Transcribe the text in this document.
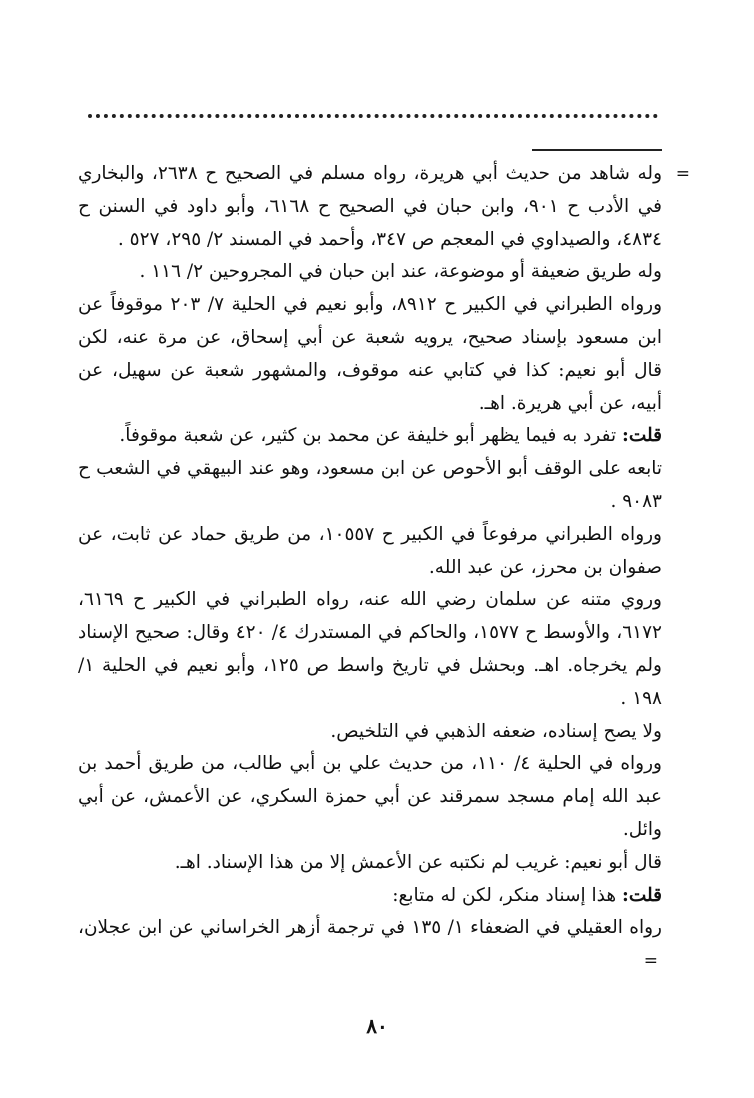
=
وله شاهد من حديث أبي هريرة، رواه مسلم في الصحيح ح ٢٦٣٨، والبخاري في الأدب ح ٩٠١، وابن حبان في الصحيح ح ٦١٦٨، وأبو داود في السنن ح ٤٨٣٤، والصيداوي في المعجم ص ٣٤٧، وأحمد في المسند ٢/ ٢٩٥، ٥٢٧ .

وله طريق ضعيفة أو موضوعة، عند ابن حبان في المجروحين ٢/ ١١٦ .

ورواه الطبراني في الكبير ح ٨٩١٢، وأبو نعيم في الحلية ٧/ ٢٠٣ موقوفاً عن ابن مسعود بإسناد صحيح، يرويه شعبة عن أبي إسحاق، عن مرة عنه، لكن قال أبو نعيم: كذا في كتابي عنه موقوف، والمشهور شعبة عن سهيل، عن أبيه، عن أبي هريرة. اهـ.

قلت: تفرد به فيما يظهر أبو خليفة عن محمد بن كثير، عن شعبة موقوفاً.

تابعه على الوقف أبو الأحوص عن ابن مسعود، وهو عند البيهقي في الشعب ح ٩٠٨٣ .

ورواه الطبراني مرفوعاً في الكبير ح ١٠٥٥٧، من طريق حماد عن ثابت، عن صفوان بن محرز، عن عبد الله.

وروي متنه عن سلمان رضي الله عنه، رواه الطبراني في الكبير ح ٦١٦٩، ٦١٧٢، والأوسط ح ١٥٧٧، والحاكم في المستدرك ٤/ ٤٢٠ وقال: صحيح الإسناد ولم يخرجاه. اهـ. وبحشل في تاريخ واسط ص ١٢٥، وأبو نعيم في الحلية ١/ ١٩٨ .

ولا يصح إسناده، ضعفه الذهبي في التلخيص.

ورواه في الحلية ٤/ ١١٠، من حديث علي بن أبي طالب، من طريق أحمد بن عبد الله إمام مسجد سمرقند عن أبي حمزة السكري، عن الأعمش، عن أبي وائل.

قال أبو نعيم: غريب لم نكتبه عن الأعمش إلا من هذا الإسناد. اهـ.

قلت: هذا إسناد منكر، لكن له متابع:

رواه العقيلي في الضعفاء ١/ ١٣٥ في ترجمة أزهر الخراساني عن ابن عجلان، =

٨٠
